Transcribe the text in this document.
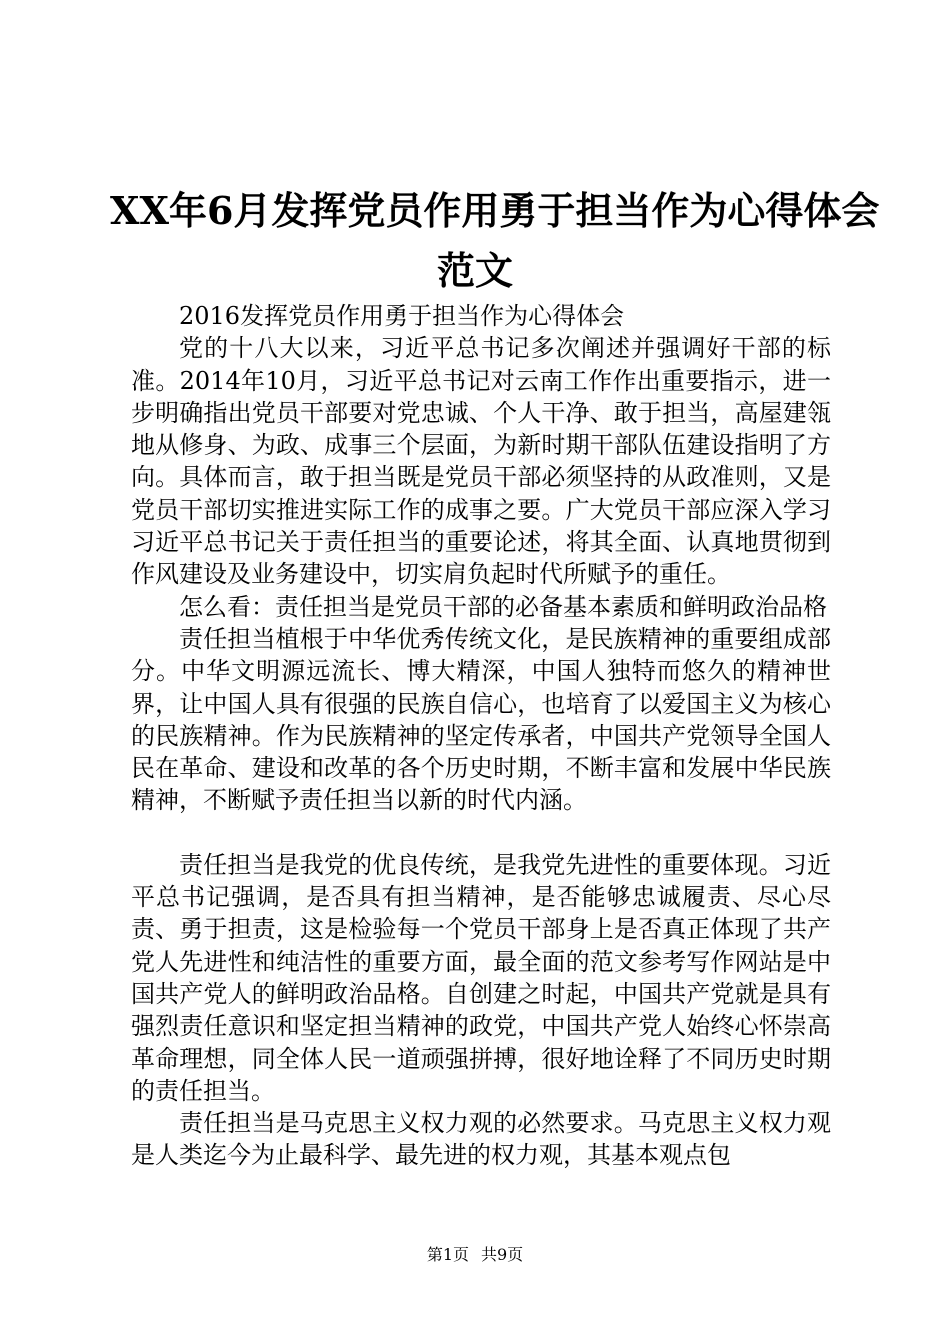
XX年6月发挥党员作用勇于担当作为心得体会
范文

2016发挥党员作用勇于担当作为心得体会

党的十八大以来，习近平总书记多次阐述并强调好干部的标准。2014年10月，习近平总书记对云南工作作出重要指示，进一步明确指出党员干部要对党忠诚、个人干净、敢于担当，高屋建瓴地从修身、为政、成事三个层面，为新时期干部队伍建设指明了方向。具体而言，敢于担当既是党员干部必须坚持的从政准则，又是党员干部切实推进实际工作的成事之要。广大党员干部应深入学习习近平总书记关于责任担当的重要论述，将其全面、认真地贯彻到作风建设及业务建设中，切实肩负起时代所赋予的重任。

怎么看：责任担当是党员干部的必备基本素质和鲜明政治品格

责任担当植根于中华优秀传统文化，是民族精神的重要组成部分。中华文明源远流长、博大精深，中国人独特而悠久的精神世界，让中国人具有很强的民族自信心，也培育了以爱国主义为核心的民族精神。作为民族精神的坚定传承者，中国共产党领导全国人民在革命、建设和改革的各个历史时期，不断丰富和发展中华民族精神，不断赋予责任担当以新的时代内涵。

责任担当是我党的优良传统，是我党先进性的重要体现。习近平总书记强调，是否具有担当精神，是否能够忠诚履责、尽心尽责、勇于担责，这是检验每一个党员干部身上是否真正体现了共产党人先进性和纯洁性的重要方面，最全面的范文参考写作网站是中国共产党人的鲜明政治品格。自创建之时起，中国共产党就是具有强烈责任意识和坚定担当精神的政党，中国共产党人始终心怀崇高革命理想，同全体人民一道顽强拼搏，很好地诠释了不同历史时期的责任担当。

责任担当是马克思主义权力观的必然要求。马克思主义权力观是人类迄今为止最科学、最先进的权力观，其基本观点包

第1页 共9页
